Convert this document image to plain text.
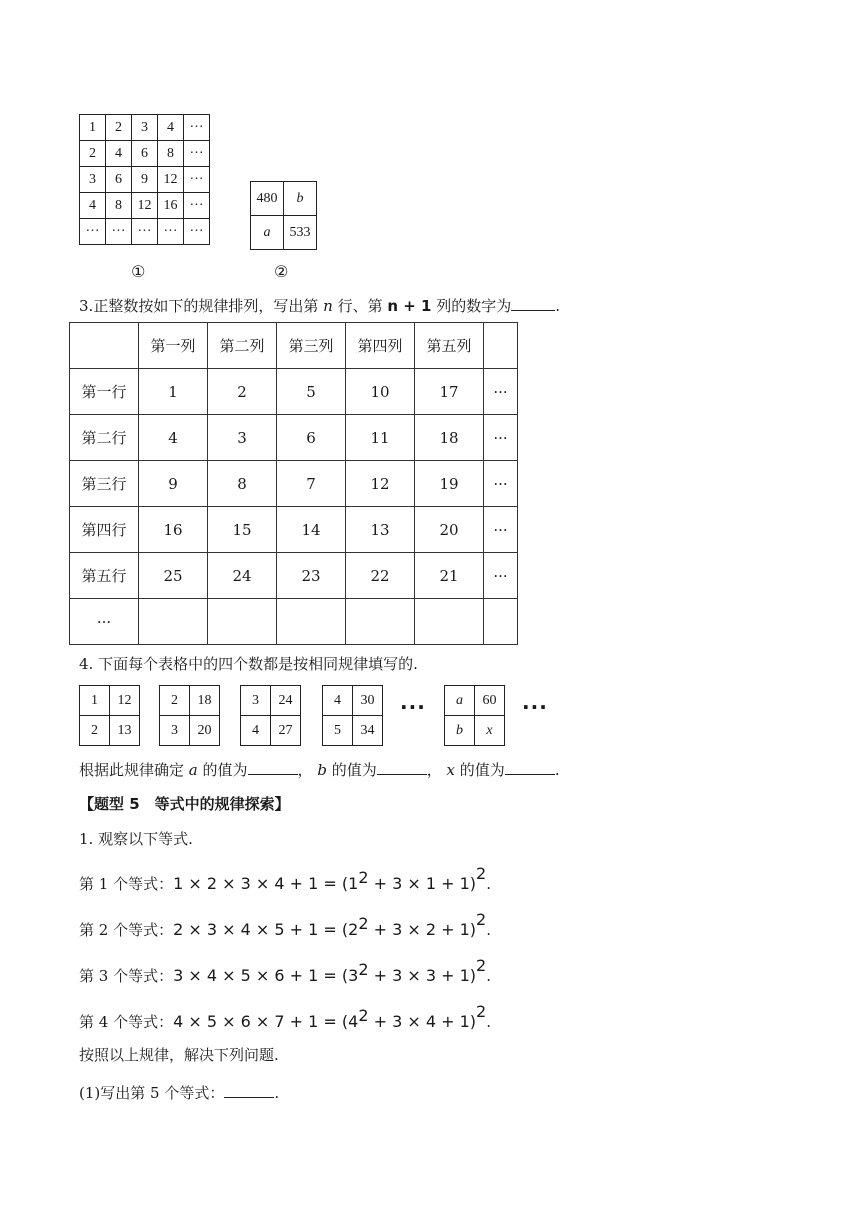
1	2	3	4	···
2	4	6	8	···
3	6	9	12	···
4	8	12	16	···
···	···	···	···	···
①
480	b
a	533
②
3.正整数按如下的规律排列，写出第 n 行、第 n + 1 列的数字为	.
	第一列	第二列	第三列	第四列	第五列	
第一行	1	2	5	10	17	···
第二行	4	3	6	11	18	···
第三行	9	8	7	12	19	···
第四行	16	15	14	13	20	···
第五行	25	24	23	22	21	···
···						
4. 下面每个表格中的四个数都是按相同规律填写的.
1	12
2	13
2	18
3	20
3	24
4	27
4	30
5	34
a	60
b	x
···	···
根据此规律确定 a 的值为	， b 的值为	， x 的值为	.
【题型 5　等式中的规律探索】
1. 观察以下等式.
第 1 个等式：$1 \times 2 \times 3 \times 4 + 1 = (1^2 + 3 \times 1 + 1)^2$.
第 2 个等式：$2 \times 3 \times 4 \times 5 + 1 = (2^2 + 3 \times 2 + 1)^2$.
第 3 个等式：$3 \times 4 \times 5 \times 6 + 1 = (3^2 + 3 \times 3 + 1)^2$.
第 4 个等式：$4 \times 5 \times 6 \times 7 + 1 = (4^2 + 3 \times 4 + 1)^2$.
按照以上规律，解决下列问题.
(1)写出第 5 个等式：	.
